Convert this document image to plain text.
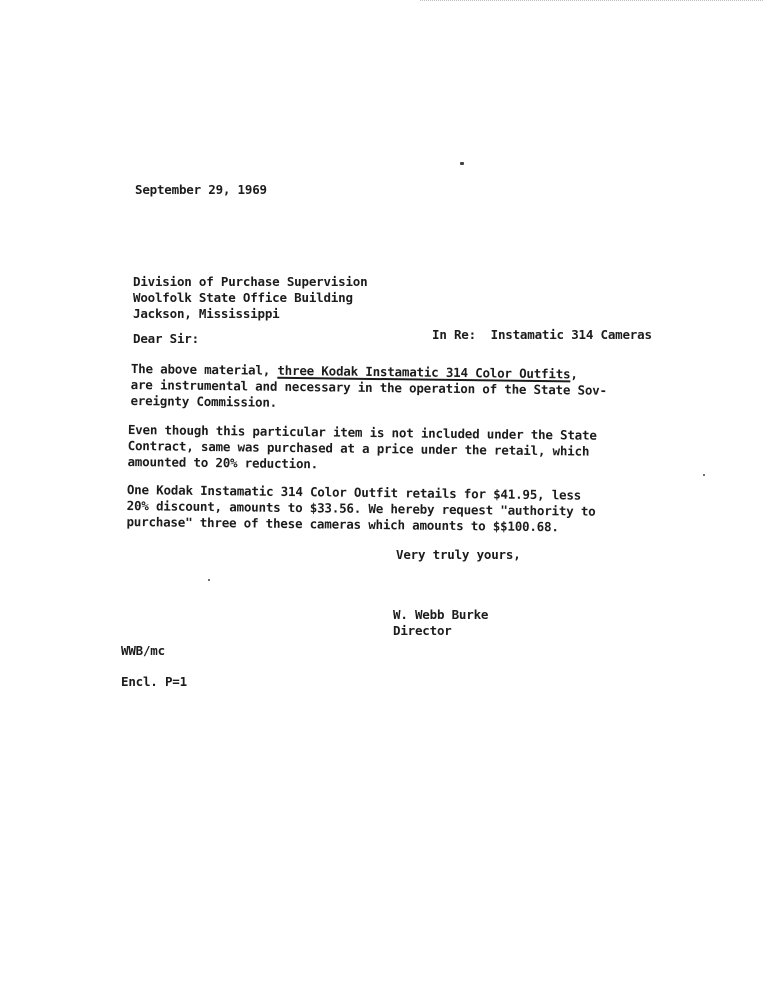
September 29, 1969
Division of Purchase Supervision
Woolfolk State Office Building
Jackson, Mississippi
Dear Sir:	In Re: Instamatic 314 Cameras
The above material, three Kodak Instamatic 314 Color Outfits,
are instrumental and necessary in the operation of the State Sov-
ereignty Commission.
Even though this particular item is not included under the State
Contract, same was purchased at a price under the retail, which
amounted to 20% reduction.
One Kodak Instamatic 314 Color Outfit retails for $41.95, less
20% discount, amounts to $33.56. We hereby request "authority to
purchase" three of these cameras which amounts to $$100.68.
Very truly yours,
W. Webb Burke
Director
WWB/mc
Encl. P=1
